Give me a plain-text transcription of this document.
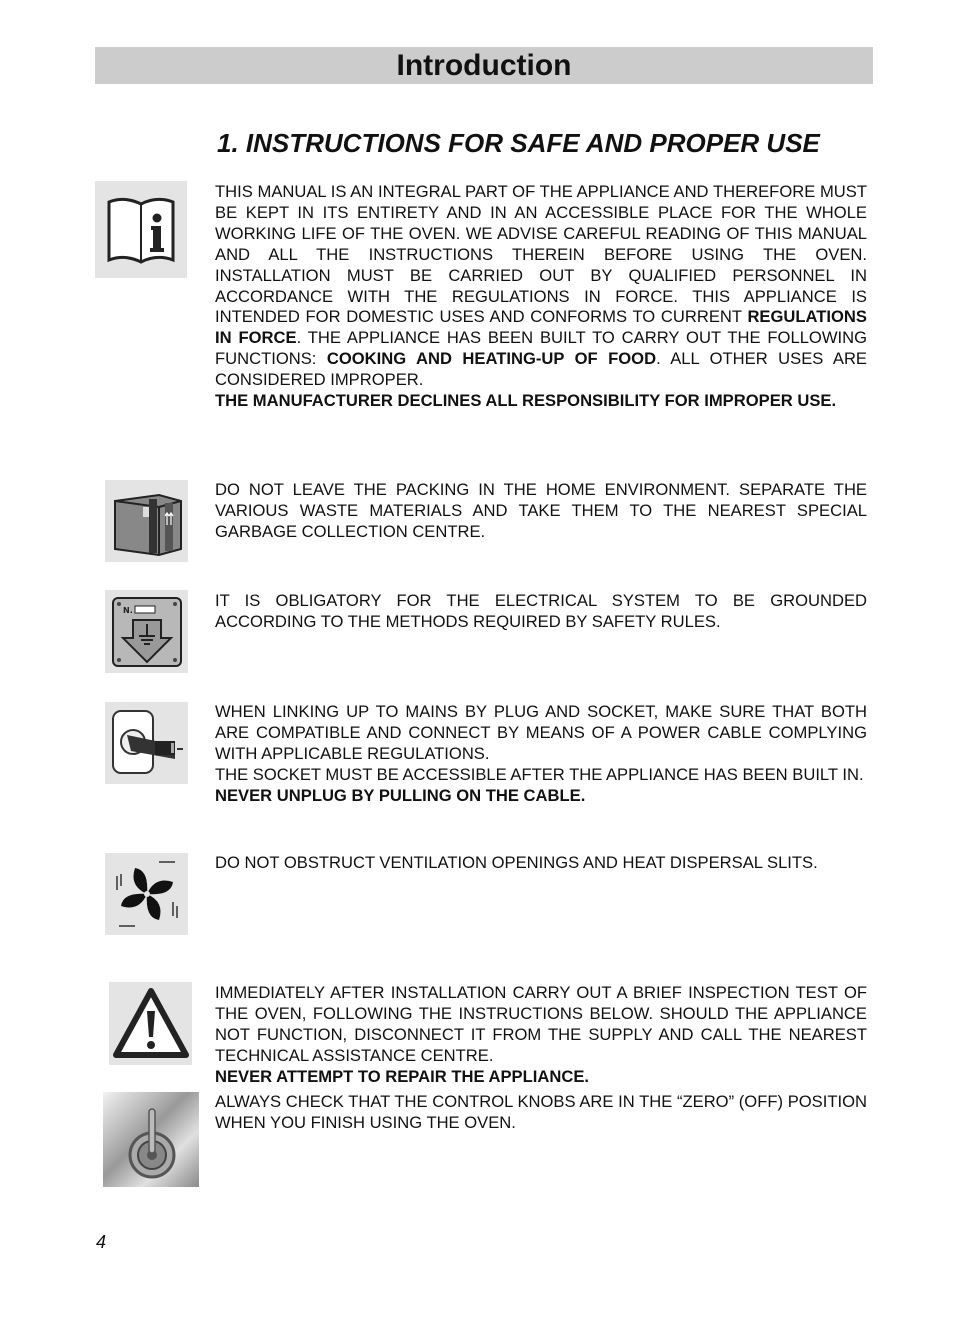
Introduction
1. INSTRUCTIONS FOR SAFE AND PROPER USE

THIS MANUAL IS AN INTEGRAL PART OF THE APPLIANCE AND THEREFORE MUST BE KEPT IN ITS ENTIRETY AND IN AN ACCESSIBLE PLACE FOR THE WHOLE WORKING LIFE OF THE OVEN. WE ADVISE CAREFUL READING OF THIS MANUAL AND ALL THE INSTRUCTIONS THEREIN BEFORE USING THE OVEN. INSTALLATION MUST BE CARRIED OUT BY QUALIFIED PERSONNEL IN ACCORDANCE WITH THE REGULATIONS IN FORCE. THIS APPLIANCE IS INTENDED FOR DOMESTIC USES AND CONFORMS TO CURRENT REGULATIONS IN FORCE. THE APPLIANCE HAS BEEN BUILT TO CARRY OUT THE FOLLOWING FUNCTIONS: COOKING AND HEATING-UP OF FOOD. ALL OTHER USES ARE CONSIDERED IMPROPER.

THE MANUFACTURER DECLINES ALL RESPONSIBILITY FOR IMPROPER USE.

DO NOT LEAVE THE PACKING IN THE HOME ENVIRONMENT. SEPARATE THE VARIOUS WASTE MATERIALS AND TAKE THEM TO THE NEAREST SPECIAL GARBAGE COLLECTION CENTRE.

N.	IT IS OBLIGATORY FOR THE ELECTRICAL SYSTEM TO BE GROUNDED ACCORDING TO THE METHODS REQUIRED BY SAFETY RULES.

WHEN LINKING UP TO MAINS BY PLUG AND SOCKET, MAKE SURE THAT BOTH ARE COMPATIBLE AND CONNECT BY MEANS OF A POWER CABLE COMPLYING WITH APPLICABLE REGULATIONS.

THE SOCKET MUST BE ACCESSIBLE AFTER THE APPLIANCE HAS BEEN BUILT IN.

NEVER UNPLUG BY PULLING ON THE CABLE.

DO NOT OBSTRUCT VENTILATION OPENINGS AND HEAT DISPERSAL SLITS.

IMMEDIATELY AFTER INSTALLATION CARRY OUT A BRIEF INSPECTION TEST OF THE OVEN, FOLLOWING THE INSTRUCTIONS BELOW. SHOULD THE APPLIANCE NOT FUNCTION, DISCONNECT IT FROM THE SUPPLY AND CALL THE NEAREST TECHNICAL ASSISTANCE CENTRE.

NEVER ATTEMPT TO REPAIR THE APPLIANCE.

ALWAYS CHECK THAT THE CONTROL KNOBS ARE IN THE “ZERO” (OFF) POSITION WHEN YOU FINISH USING THE OVEN.

4
